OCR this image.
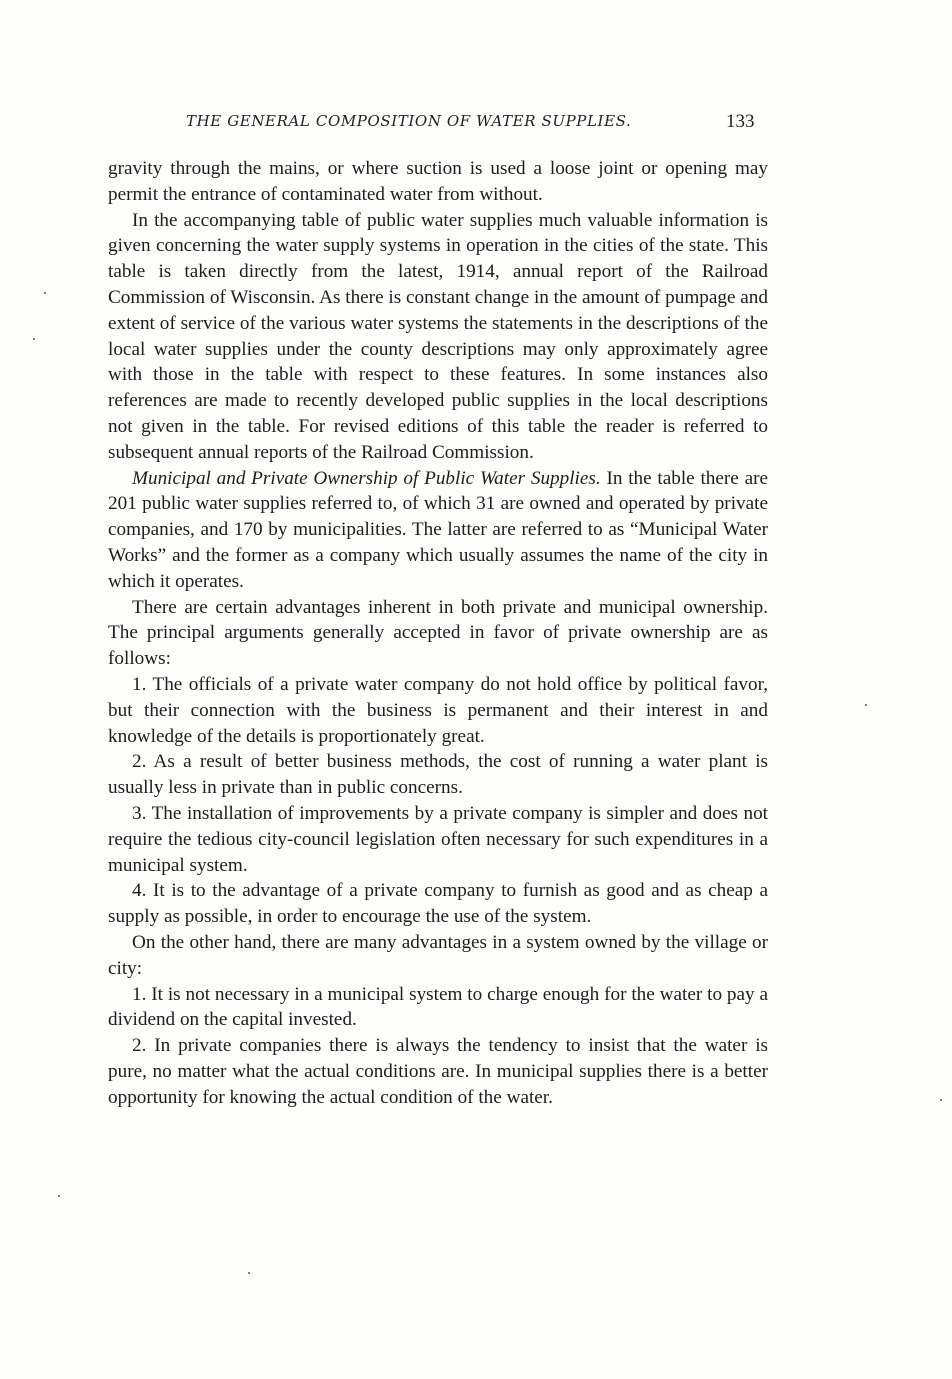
THE GENERAL COMPOSITION OF WATER SUPPLIES.	133

gravity through the mains, or where suction is used a loose joint or opening may permit the entrance of contaminated water from without.

In the accompanying table of public water supplies much valuable information is given concerning the water supply systems in operation in the cities of the state. This table is taken directly from the latest, 1914, annual report of the Railroad Commission of Wisconsin. As there is constant change in the amount of pumpage and extent of service of the various water systems the statements in the descriptions of the local water supplies under the county descriptions may only approximately agree with those in the table with respect to these features. In some instances also references are made to recently developed public supplies in the local descriptions not given in the table. For revised editions of this table the reader is referred to subsequent annual reports of the Railroad Commission.

Municipal and Private Ownership of Public Water Supplies. In the table there are 201 public water supplies referred to, of which 31 are owned and operated by private companies, and 170 by municipalities. The latter are referred to as “Municipal Water Works” and the former as a company which usually assumes the name of the city in which it operates.

There are certain advantages inherent in both private and municipal ownership. The principal arguments generally accepted in favor of private ownership are as follows:

1. The officials of a private water company do not hold office by political favor, but their connection with the business is permanent and their interest in and knowledge of the details is proportionately great.

2. As a result of better business methods, the cost of running a water plant is usually less in private than in public concerns.

3. The installation of improvements by a private company is simpler and does not require the tedious city-council legislation often necessary for such expenditures in a municipal system.

4. It is to the advantage of a private company to furnish as good and as cheap a supply as possible, in order to encourage the use of the system.

On the other hand, there are many advantages in a system owned by the village or city:

1. It is not necessary in a municipal system to charge enough for the water to pay a dividend on the capital invested.

2. In private companies there is always the tendency to insist that the water is pure, no matter what the actual conditions are. In municipal supplies there is a better opportunity for knowing the actual condition of the water.
